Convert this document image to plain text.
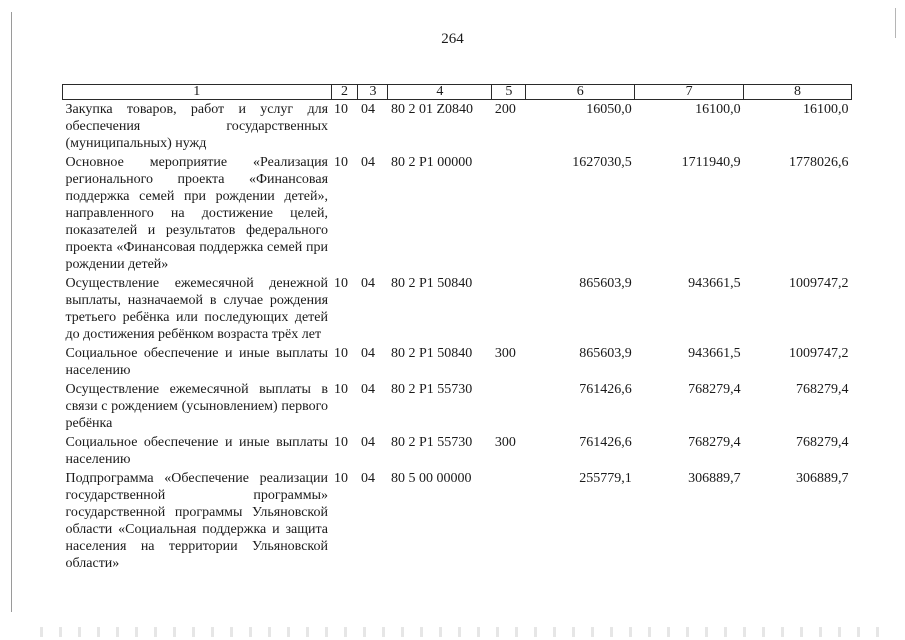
264
1	2	3	4	5	6	7	8
Закупка товаров, работ и услуг для обеспечения государственных (муниципальных) нужд	10	04	80 2 01 Z0840	200	16050,0	16100,0	16100,0
Основное мероприятие «Реализация регионального проекта «Финансовая поддержка семей при рождении детей», направленного на достижение целей, показателей и результатов федерального проекта «Финансовая поддержка семей при рождении детей»	10	04	80 2 P1 00000		1627030,5	1711940,9	1778026,6
Осуществление ежемесячной денежной выплаты, назначаемой в случае рождения третьего ребёнка или последующих детей до достижения ребёнком возраста трёх лет	10	04	80 2 P1 50840		865603,9	943661,5	1009747,2
Социальное обеспечение и иные выплаты населению	10	04	80 2 P1 50840	300	865603,9	943661,5	1009747,2
Осуществление ежемесячной выплаты в связи с рождением (усыновлением) первого ребёнка	10	04	80 2 P1 55730		761426,6	768279,4	768279,4
Социальное обеспечение и иные выплаты населению	10	04	80 2 P1 55730	300	761426,6	768279,4	768279,4
Подпрограмма «Обеспечение реализации государственной программы» государственной программы Ульяновской области «Социальная поддержка и защита населения на территории Ульяновской области»	10	04	80 5 00 00000		255779,1	306889,7	306889,7
